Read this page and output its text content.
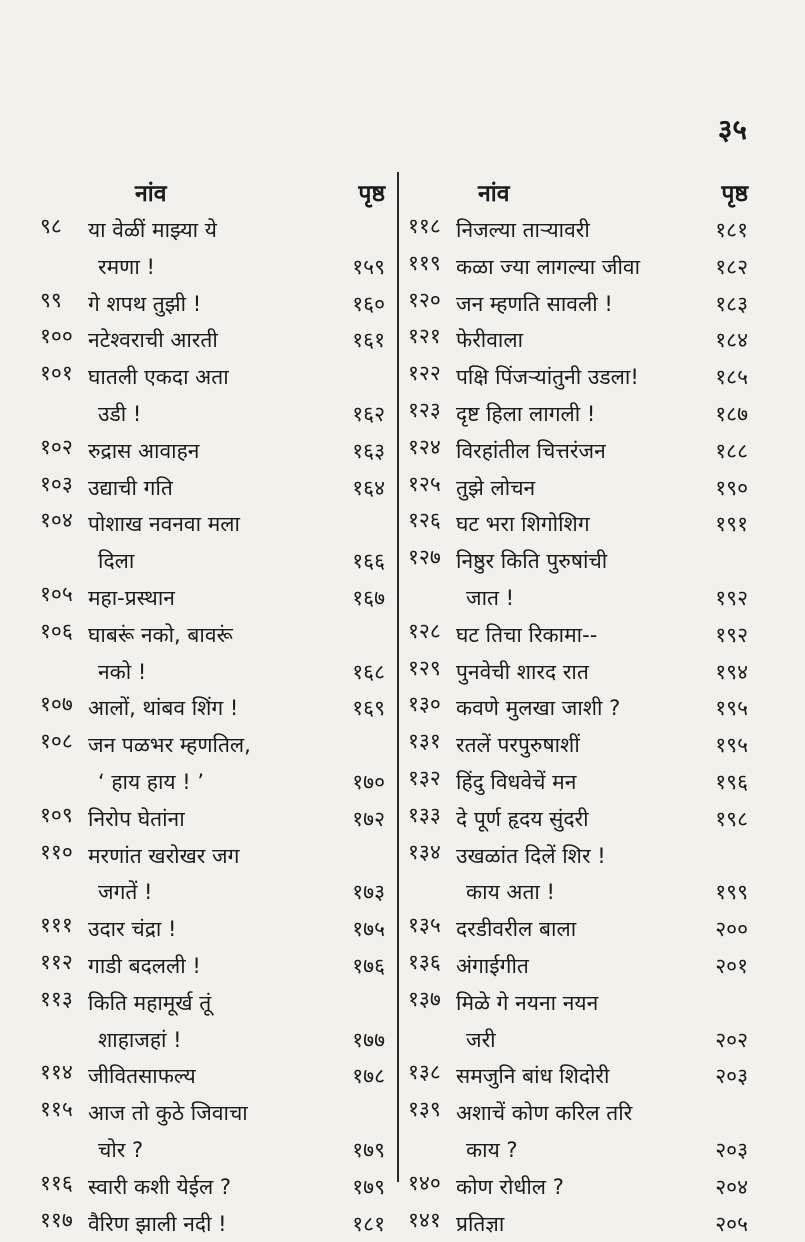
३५
नांव	पृष्ठ
९८	या वेळीं माझ्या ये
रमणा !	१५९
९९	गे शपथ तुझी !	१६०
१०० नटेश्वराची आरती	१६१
१०१ घातली एकदा अता
उडी !	१६२
१०२ रुद्रास आवाहन	१६३
१०३ उद्याची गति	१६४
१०४ पोशाख नवनवा मला
दिला	१६६
१०५ महा-प्रस्थान	१६७
१०६ घाबरूं नको, बावरूं
नको !	१६८
१०७ आलों, थांबव शिंग !	१६९
१०८ जन पळभर म्हणतिल,
‘ हाय हाय ! ’	१७०
१०९ निरोप घेतांना	१७२
११० मरणांत खरोखर जग
जगतें !	१७३
१११ उदार चंद्रा !	१७५
११२ गाडी बदलली !	१७६
११३ किति महामूर्ख तूं
शाहाजहां !	१७७
११४ जीवितसाफल्य	१७८
११५ आज तो कुठे जिवाचा
चोर ?	१७९
११६ स्वारी कशी येईल ?	१७९
११७ वैरिण झाली नदी !	१८१
नांव	पृष्ठ
११८ निजल्या ताऱ्यावरी	१८१
११९ कळा ज्या लागल्या जीवा	१८२
१२० जन म्हणति सावली !	१८३
१२१ फेरीवाला	१८४
१२२ पक्षि पिंजऱ्यांतुनी उडला!	१८५
१२३ दृष्ट हिला लागली !	१८७
१२४ विरहांतील चित्तरंजन	१८८
१२५ तुझे लोचन	१९०
१२६ घट भरा शिगोशिग	१९१
१२७ निष्ठुर किति पुरुषांची
जात !	१९२
१२८ घट तिचा रिकामा--	१९२
१२९ पुनवेची शारद रात	१९४
१३० कवणे मुलखा जाशी ?	१९५
१३१ रतलें परपुरुषाशीं	१९५
१३२ हिंदु विधवेचें मन	१९६
१३३ दे पूर्ण हृदय सुंदरी	१९८
१३४ उखळांत दिलें शिर !
काय अता !	१९९
१३५ दरडीवरील बाला	२००
१३६ अंगाईगीत	२०१
१३७ मिळे गे नयना नयन
जरी	२०२
१३८ समजुनि बांध शिदोरी	२०३
१३९ अशाचें कोण करिल तरि
काय ?	२०३
१४० कोण रोधील ?	२०४
१४१ प्रतिज्ञा	२०५
